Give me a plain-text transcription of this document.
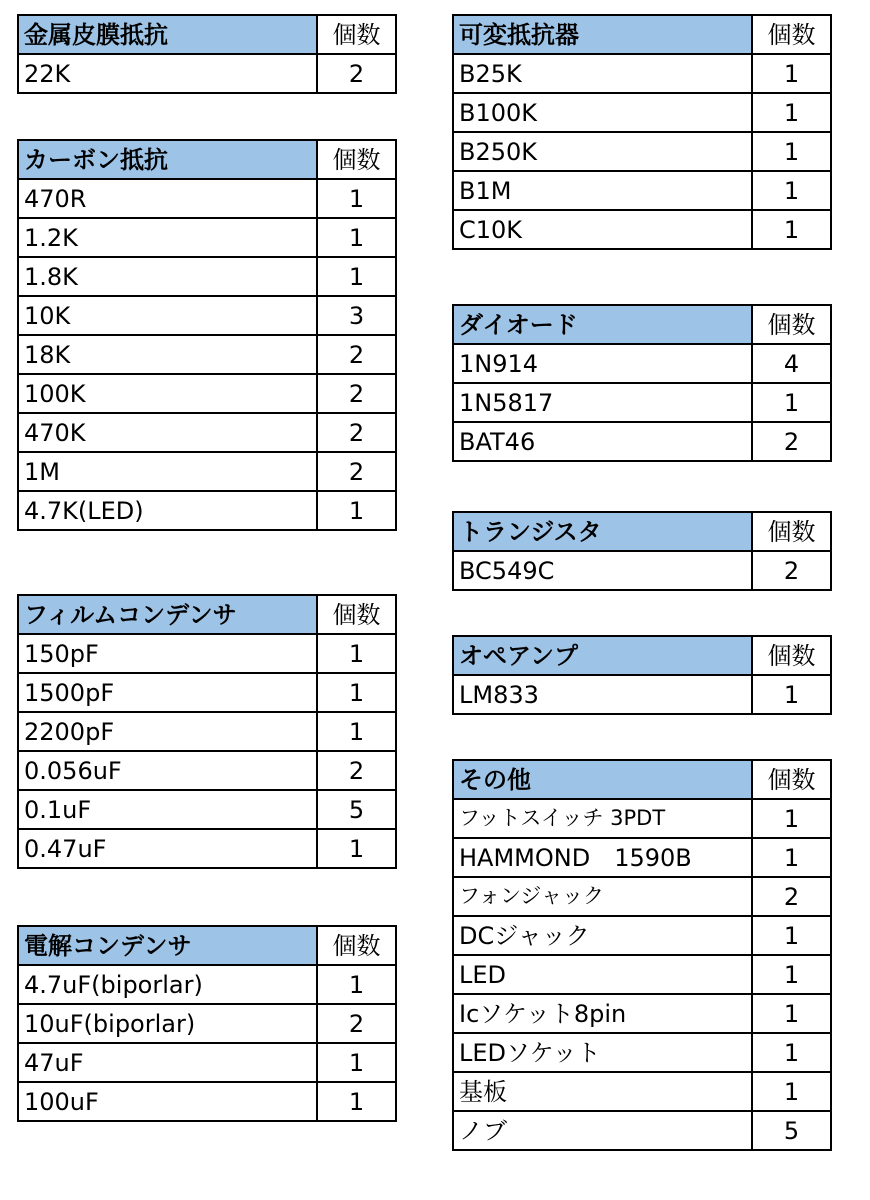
金属皮膜抵抗	個数
22K	2
カーボン抵抗	個数
470R	1
1.2K	1
1.8K	1
10K	3
18K	2
100K	2
470K	2
1M	2
4.7K(LED)	1
フィルムコンデンサ	個数
150pF	1
1500pF	1
2200pF	1
0.056uF	2
0.1uF	5
0.47uF	1
電解コンデンサ	個数
4.7uF(biporlar)	1
10uF(biporlar)	2
47uF	1
100uF	1
可変抵抗器	個数
B25K	1
B100K	1
B250K	1
B1M	1
C10K	1
ダイオード	個数
1N914	4
1N5817	1
BAT46	2
トランジスタ	個数
BC549C	2
オペアンプ	個数
LM833	1
その他	個数
フットスイッチ 3PDT	1
HAMMOND　1590B	1
フォンジャック	2
DCジャック	1
LED	1
Icソケット8pin	1
LEDソケット	1
基板	1
ノブ	5
